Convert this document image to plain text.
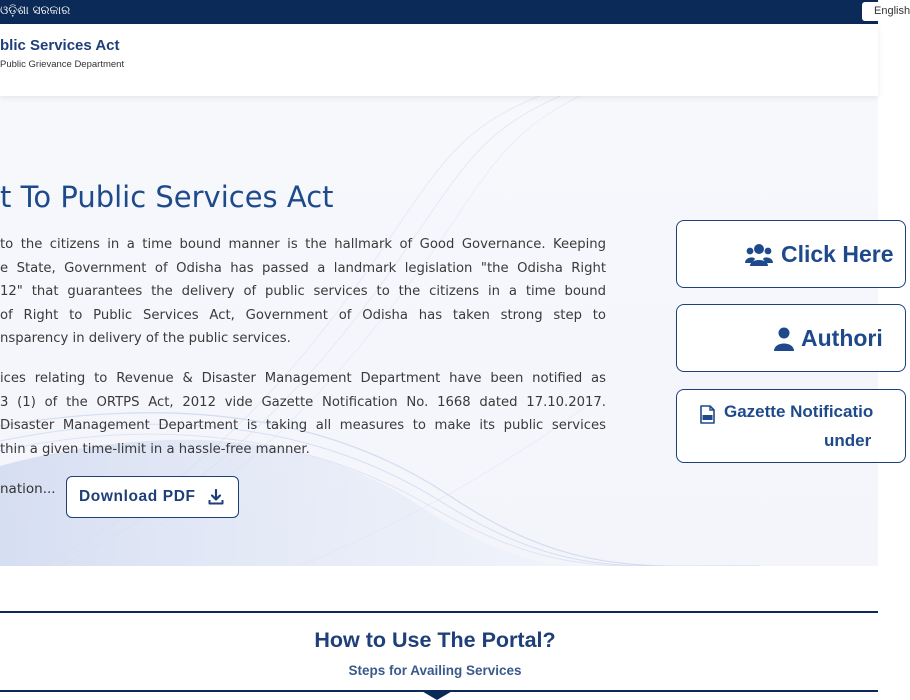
ଓଡ଼ିଶା ସରକାର	English
blic Services Act
Public Grievance Department
t To Public Services Act
to the citizens in a time bound manner is the hallmark of Good Governance. Keeping
e State, Government of Odisha has passed a landmark legislation "the Odisha Right
12" that guarantees the delivery of public services to the citizens in a time bound
of Right to Public Services Act, Government of Odisha has taken strong step to
nsparency in delivery of the public services.
ices relating to Revenue & Disaster Management Department have been notified as
3 (1) of the ORTPS Act, 2012 vide Gazette Notification No. 1668 dated 17.10.2017.
Disaster Management Department is taking all measures to make its public services
thin a given time-limit in a hassle-free manner.
nation... Download PDF
Click Here
Authori
Gazette Notificatio
under
How to Use The Portal?
Steps for Availing Services
